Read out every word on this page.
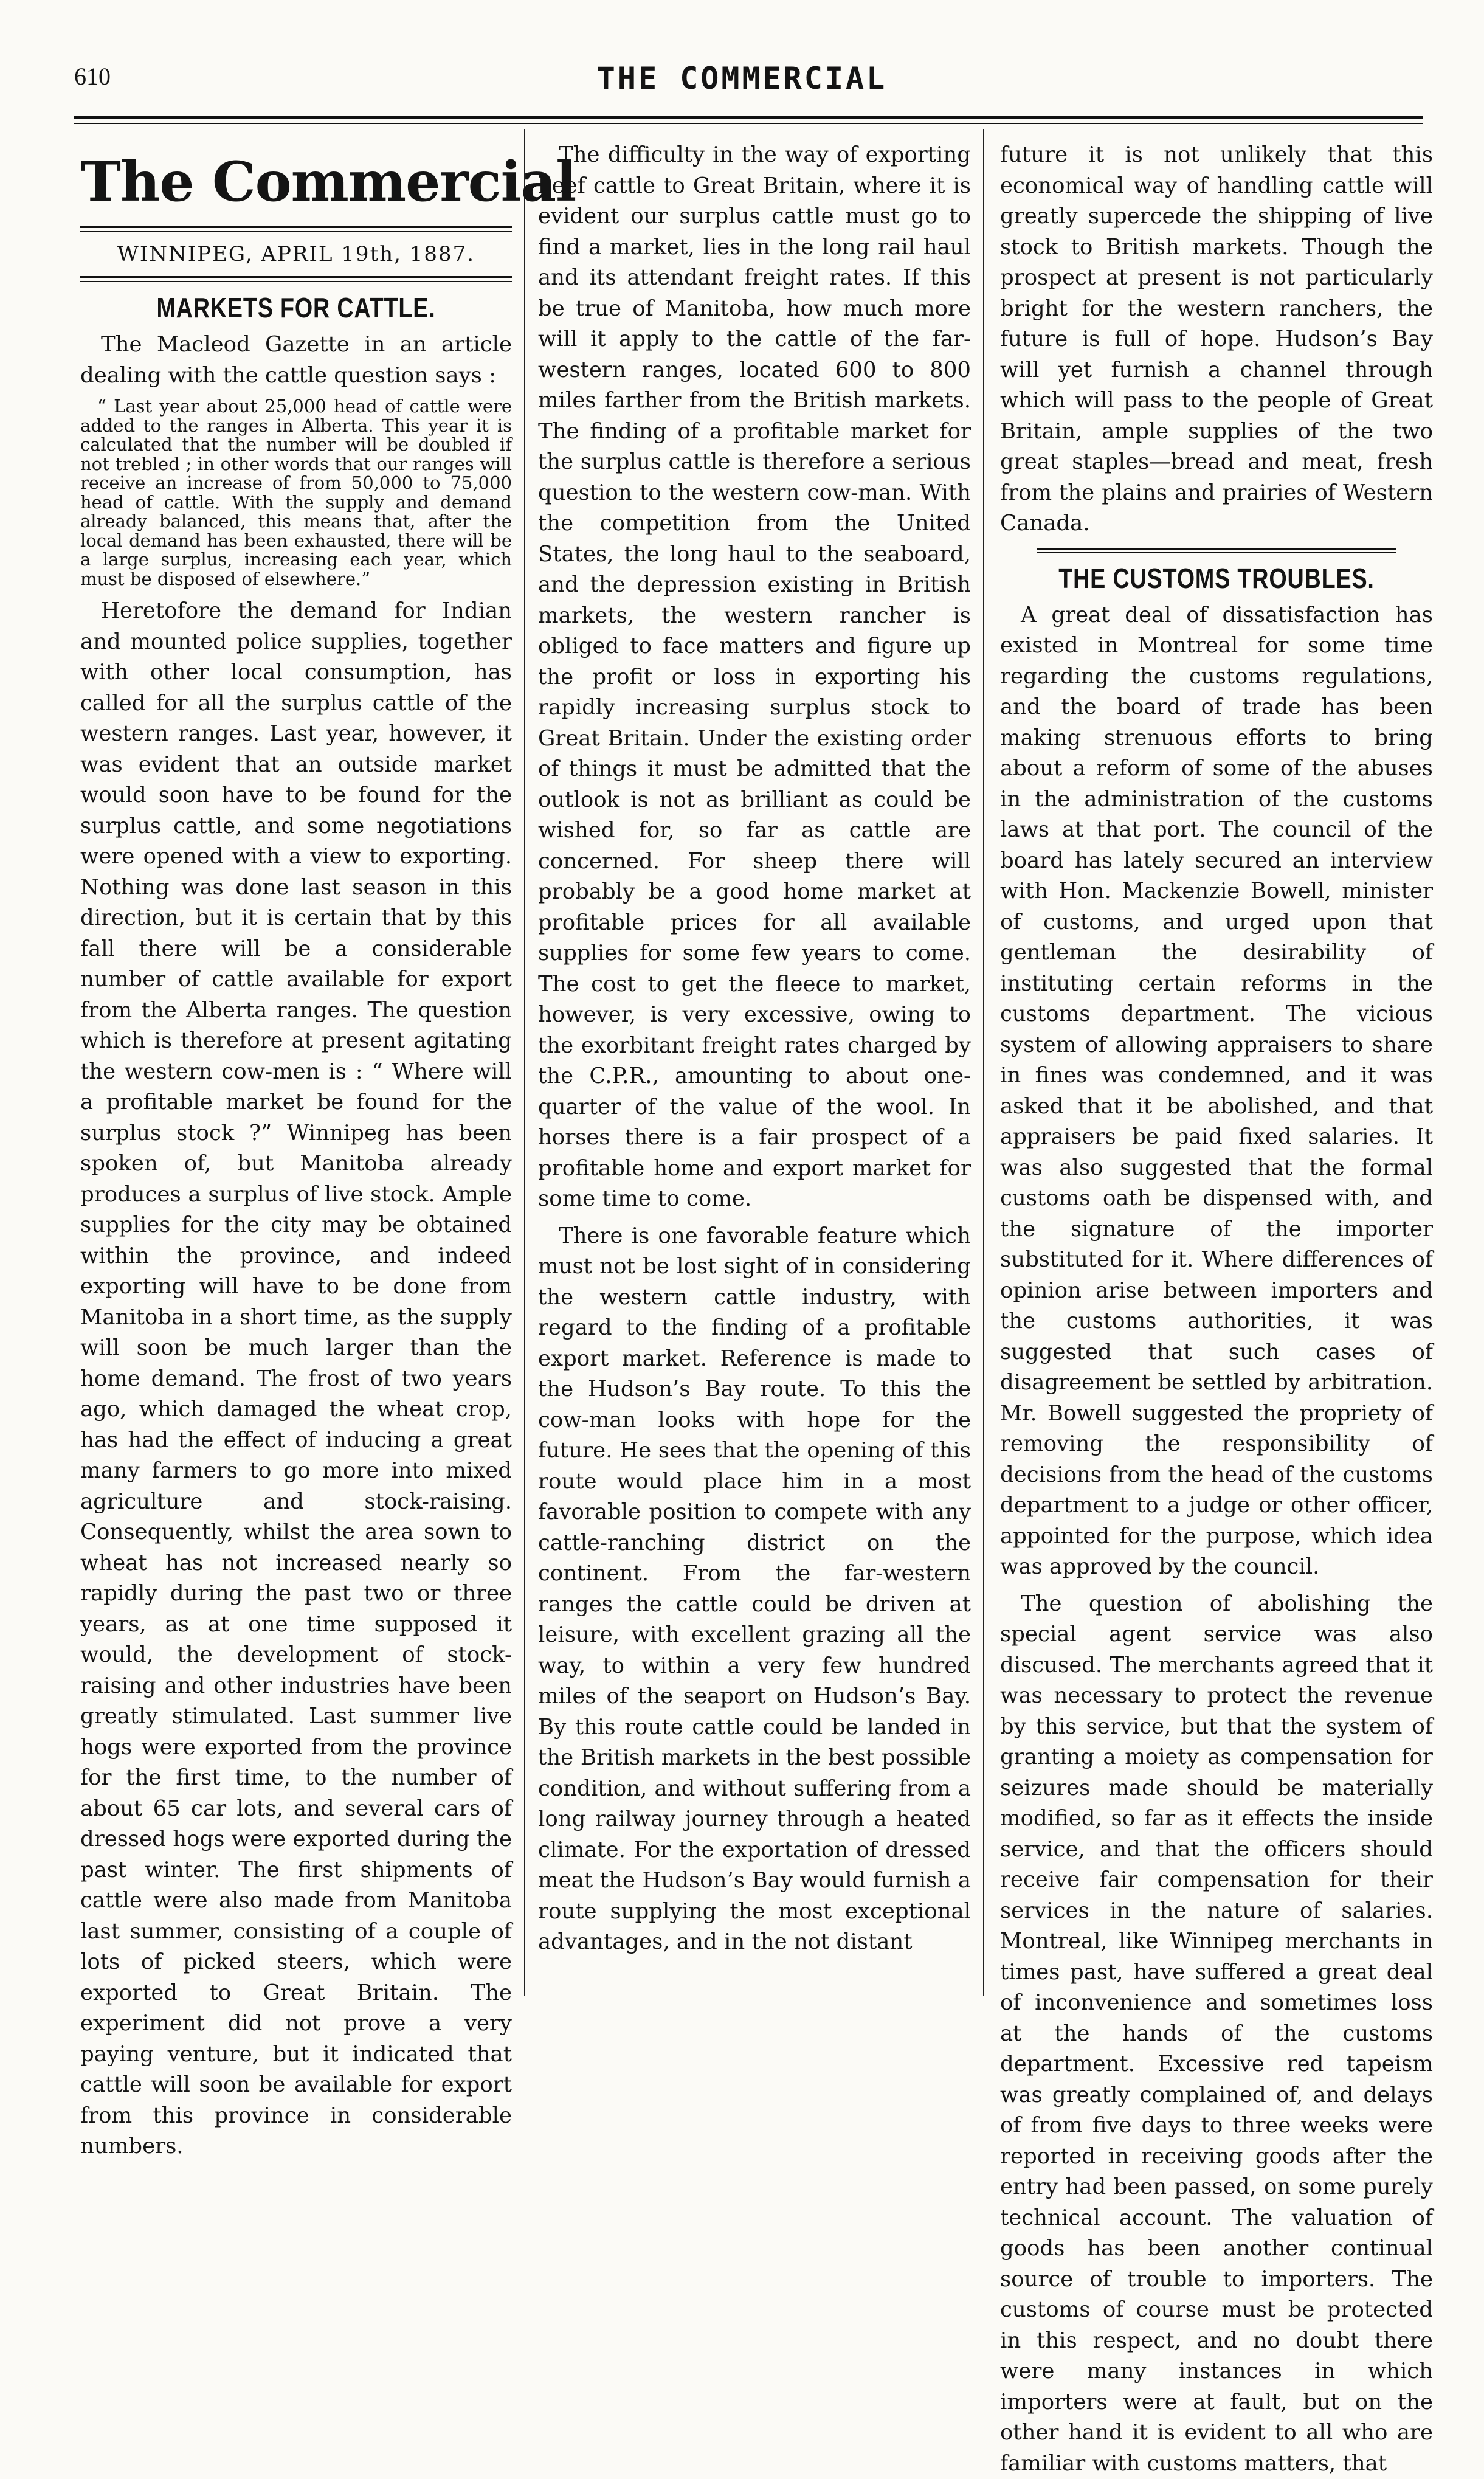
610	THE COMMERCIAL
The Commercial
WINNIPEG, APRIL 19th, 1887.
MARKETS FOR CATTLE.

The Macleod Gazette in an article dealing with the cattle question says :

“ Last year about 25,000 head of cattle were added to the ranges in Alberta. This year it is calculated that the number will be doubled if not trebled ; in other words that our ranges will receive an increase of from 50,000 to 75,000 head of cattle. With the supply and demand already balanced, this means that, after the local demand has been exhausted, there will be a large surplus, increasing each year, which must be disposed of elsewhere.”

Heretofore the demand for Indian and mounted police supplies, together with other local consumption, has called for all the surplus cattle of the western ranges. Last year, however, it was evident that an outside market would soon have to be found for the surplus cattle, and some negotiations were opened with a view to exporting. Nothing was done last season in this direction, but it is certain that by this fall there will be a considerable number of cattle available for export from the Alberta ranges. The question which is therefore at present agitating the western cow-men is : “ Where will a profitable market be found for the surplus stock ?” Winnipeg has been spoken of, but Manitoba already produces a surplus of live stock. Ample supplies for the city may be obtained within the province, and indeed exporting will have to be done from Manitoba in a short time, as the supply will soon be much larger than the home demand. The frost of two years ago, which damaged the wheat crop, has had the effect of inducing a great many farmers to go more into mixed agriculture and stock-raising. Consequently, whilst the area sown to wheat has not increased nearly so rapidly during the past two or three years, as at one time supposed it would, the development of stock-raising and other industries have been greatly stimulated. Last summer live hogs were exported from the province for the first time, to the number of about 65 car lots, and several cars of dressed hogs were exported during the past winter. The first shipments of cattle were also made from Manitoba last summer, consisting of a couple of lots of picked steers, which were exported to Great Britain. The experiment did not prove a very paying venture, but it indicated that cattle will soon be available for export from this province in considerable numbers.

The difficulty in the way of exporting beef cattle to Great Britain, where it is evident our surplus cattle must go to find a market, lies in the long rail haul and its attendant freight rates. If this be true of Manitoba, how much more will it apply to the cattle of the far-western ranges, located 600 to 800 miles farther from the British markets. The finding of a profitable market for the surplus cattle is therefore a serious question to the western cow-man. With the competition from the United States, the long haul to the seaboard, and the depression existing in British markets, the western rancher is obliged to face matters and figure up the profit or loss in exporting his rapidly increasing surplus stock to Great Britain. Under the existing order of things it must be admitted that the outlook is not as brilliant as could be wished for, so far as cattle are concerned. For sheep there will probably be a good home market at profitable prices for all available supplies for some few years to come. The cost to get the fleece to market, however, is very excessive, owing to the exorbitant freight rates charged by the C.P.R., amounting to about one-quarter of the value of the wool. In horses there is a fair prospect of a profitable home and export market for some time to come.

There is one favorable feature which must not be lost sight of in considering the western cattle industry, with regard to the finding of a profitable export market. Reference is made to the Hudson’s Bay route. To this the cow-man looks with hope for the future. He sees that the opening of this route would place him in a most favorable position to compete with any cattle-ranching district on the continent. From the far-western ranges the cattle could be driven at leisure, with excellent grazing all the way, to within a very few hundred miles of the seaport on Hudson’s Bay. By this route cattle could be landed in the British markets in the best possible condition, and without suffering from a long railway journey through a heated climate. For the exportation of dressed meat the Hudson’s Bay would furnish a route supplying the most exceptional advantages, and in the not distant

future it is not unlikely that this economical way of handling cattle will greatly supercede the shipping of live stock to British markets. Though the prospect at present is not particularly bright for the western ranchers, the future is full of hope. Hudson’s Bay will yet furnish a channel through which will pass to the people of Great Britain, ample supplies of the two great staples—bread and meat, fresh from the plains and prairies of Western Canada.

THE CUSTOMS TROUBLES.

A great deal of dissatisfaction has existed in Montreal for some time regarding the customs regulations, and the board of trade has been making strenuous efforts to bring about a reform of some of the abuses in the administration of the customs laws at that port. The council of the board has lately secured an interview with Hon. Mackenzie Bowell, minister of customs, and urged upon that gentleman the desirability of instituting certain reforms in the customs department. The vicious system of allowing appraisers to share in fines was condemned, and it was asked that it be abolished, and that appraisers be paid fixed salaries. It was also suggested that the formal customs oath be dispensed with, and the signature of the importer substituted for it. Where differences of opinion arise between importers and the customs authorities, it was suggested that such cases of disagreement be settled by arbitration. Mr. Bowell suggested the propriety of removing the responsibility of decisions from the head of the customs department to a judge or other officer, appointed for the purpose, which idea was approved by the council.

The question of abolishing the special agent service was also discused. The merchants agreed that it was necessary to protect the revenue by this service, but that the system of granting a moiety as compensation for seizures made should be materially modified, so far as it effects the inside service, and that the officers should receive fair compensation for their services in the nature of salaries. Montreal, like Winnipeg merchants in times past, have suffered a great deal of inconvenience and sometimes loss at the hands of the customs department. Excessive red tapeism was greatly complained of, and delays of from five days to three weeks were reported in receiving goods after the entry had been passed, on some purely technical account. The valuation of goods has been another continual source of trouble to importers. The customs of course must be protected in this respect, and no doubt there were many instances in which importers were at fault, but on the other hand it is evident to all who are familiar with customs matters, that
